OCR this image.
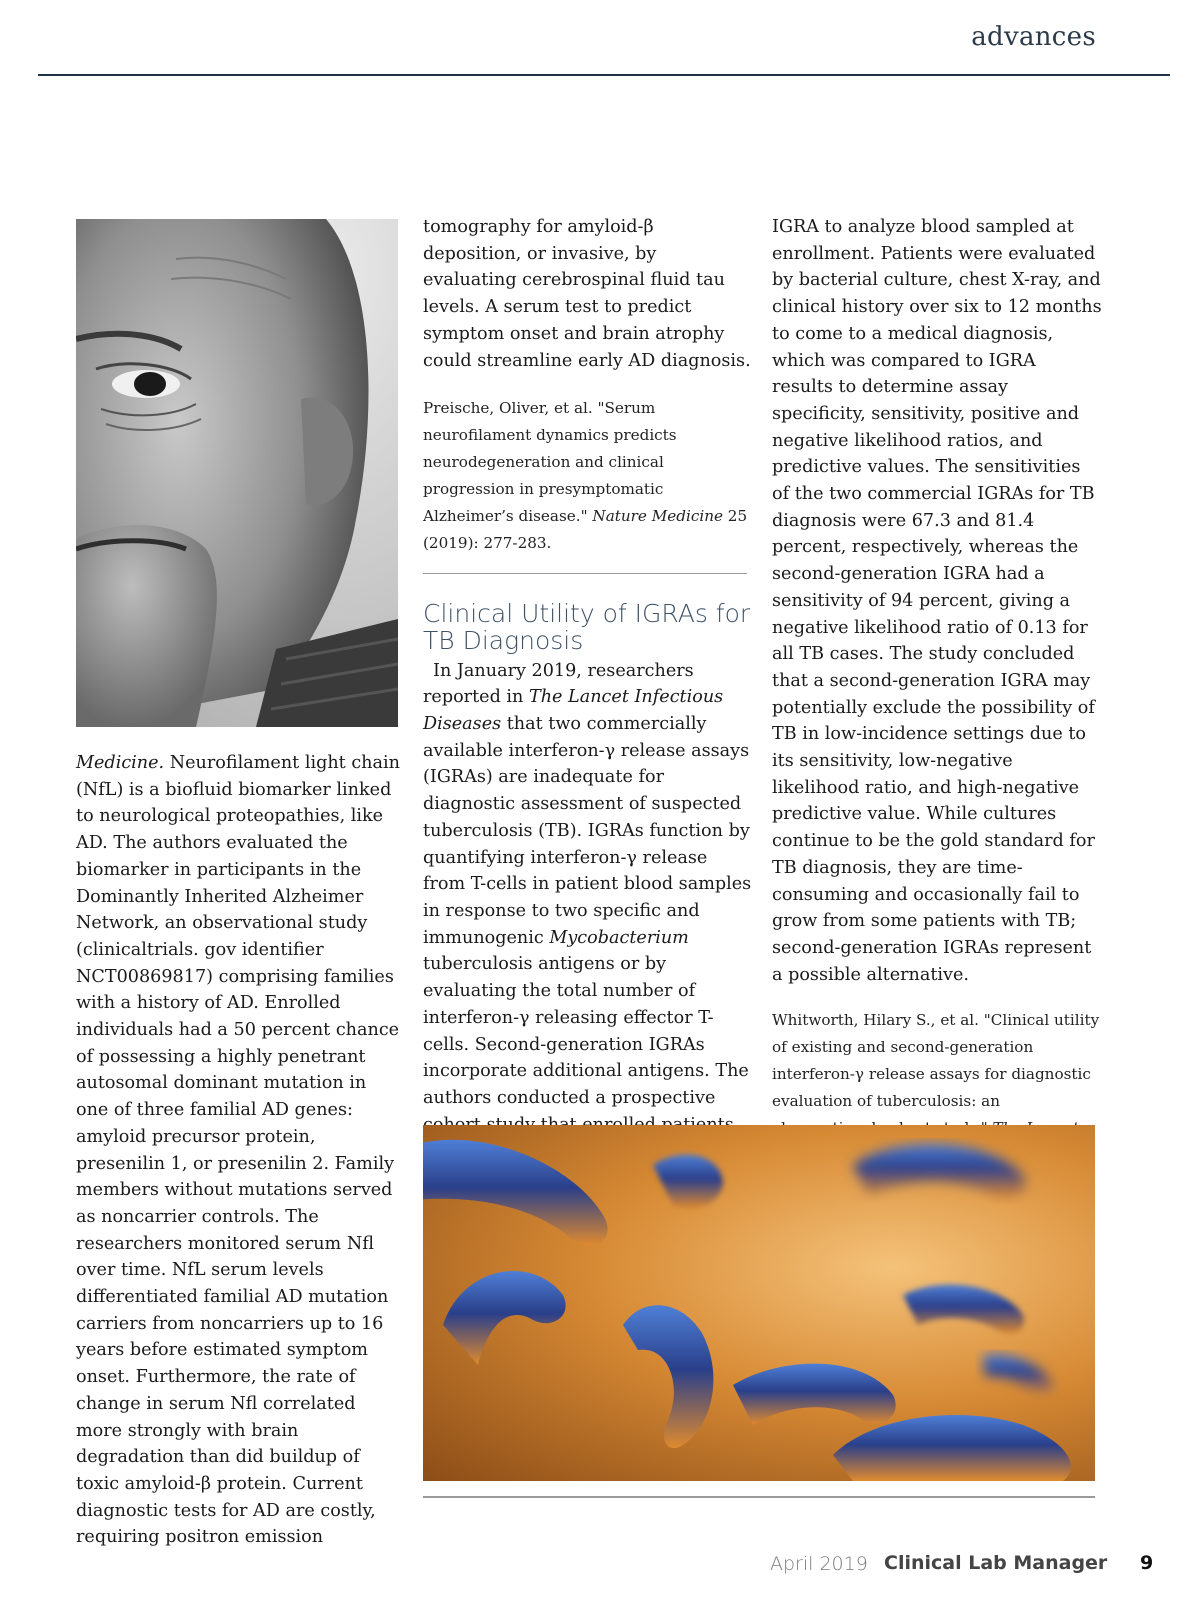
advances

Medicine. Neurofilament light chain (NfL) is a biofluid biomarker linked to neurological proteopathies, like AD. The authors evaluated the biomarker in participants in the Dominantly Inherited Alzheimer Network, an observational study (clinicaltrials. gov identifier NCT00869817) comprising families with a history of AD. Enrolled individuals had a 50 percent chance of possessing a highly penetrant autosomal dominant mutation in one of three familial AD genes: amyloid precursor protein, presenilin 1, or presenilin 2. Family members without mutations served as noncarrier controls. The researchers monitored serum Nfl over time. NfL serum levels differentiated familial AD mutation carriers from noncarriers up to 16 years before estimated symptom onset. Furthermore, the rate of change in serum Nfl correlated more strongly with brain degradation than did buildup of toxic amyloid-β protein. Current diagnostic tests for AD are costly, requiring positron emission

tomography for amyloid-β deposition, or invasive, by evaluating cerebrospinal fluid tau levels. A serum test to predict symptom onset and brain atrophy could streamline early AD diagnosis.

Preische, Oliver, et al. "Serum neurofilament dynamics predicts neurodegeneration and clinical progression in presymptomatic Alzheimer’s disease." Nature Medicine 25 (2019): 277-283.

Clinical Utility of IGRAs for TB Diagnosis

In January 2019, researchers reported in The Lancet Infectious Diseases that two commercially available interferon-γ release assays (IGRAs) are inadequate for diagnostic assessment of suspected tuberculosis (TB). IGRAs function by quantifying interferon-γ release from T-cells in patient blood samples in response to two specific and immunogenic Mycobacterium tuberculosis antigens or by evaluating the total number of interferon-γ releasing effector T-cells. Second-generation IGRAs incorporate additional antigens. The authors conducted a prospective

IGRA to analyze blood sampled at enrollment. Patients were evaluated by bacterial culture, chest X-ray, and clinical history over six to 12 months to come to a medical diagnosis, which was compared to IGRA results to determine assay specificity, sensitivity, positive and negative likelihood ratios, and predictive values. The sensitivities of the two commercial IGRAs for TB diagnosis were 67.3 and 81.4 percent, respectively, whereas the second-generation IGRA had a sensitivity of 94 percent, giving a negative likelihood ratio of 0.13 for all TB cases. The study concluded that a second-generation IGRA may potentially exclude the possibility of TB in low-incidence settings due to its sensitivity, low-negative likelihood ratio, and high-negative predictive value. While cultures continue to be the gold standard for TB diagnosis, they are time-consuming and occasionally fail to grow from some patients with TB; second-generation IGRAs represent a possible alternative.

Whitworth, Hilary S., et al. "Clinical utility of existing and second-generation interferon-γ release assays for diagnostic evaluation of tuberculosis: an

April 2019 Clinical Lab Manager 9
